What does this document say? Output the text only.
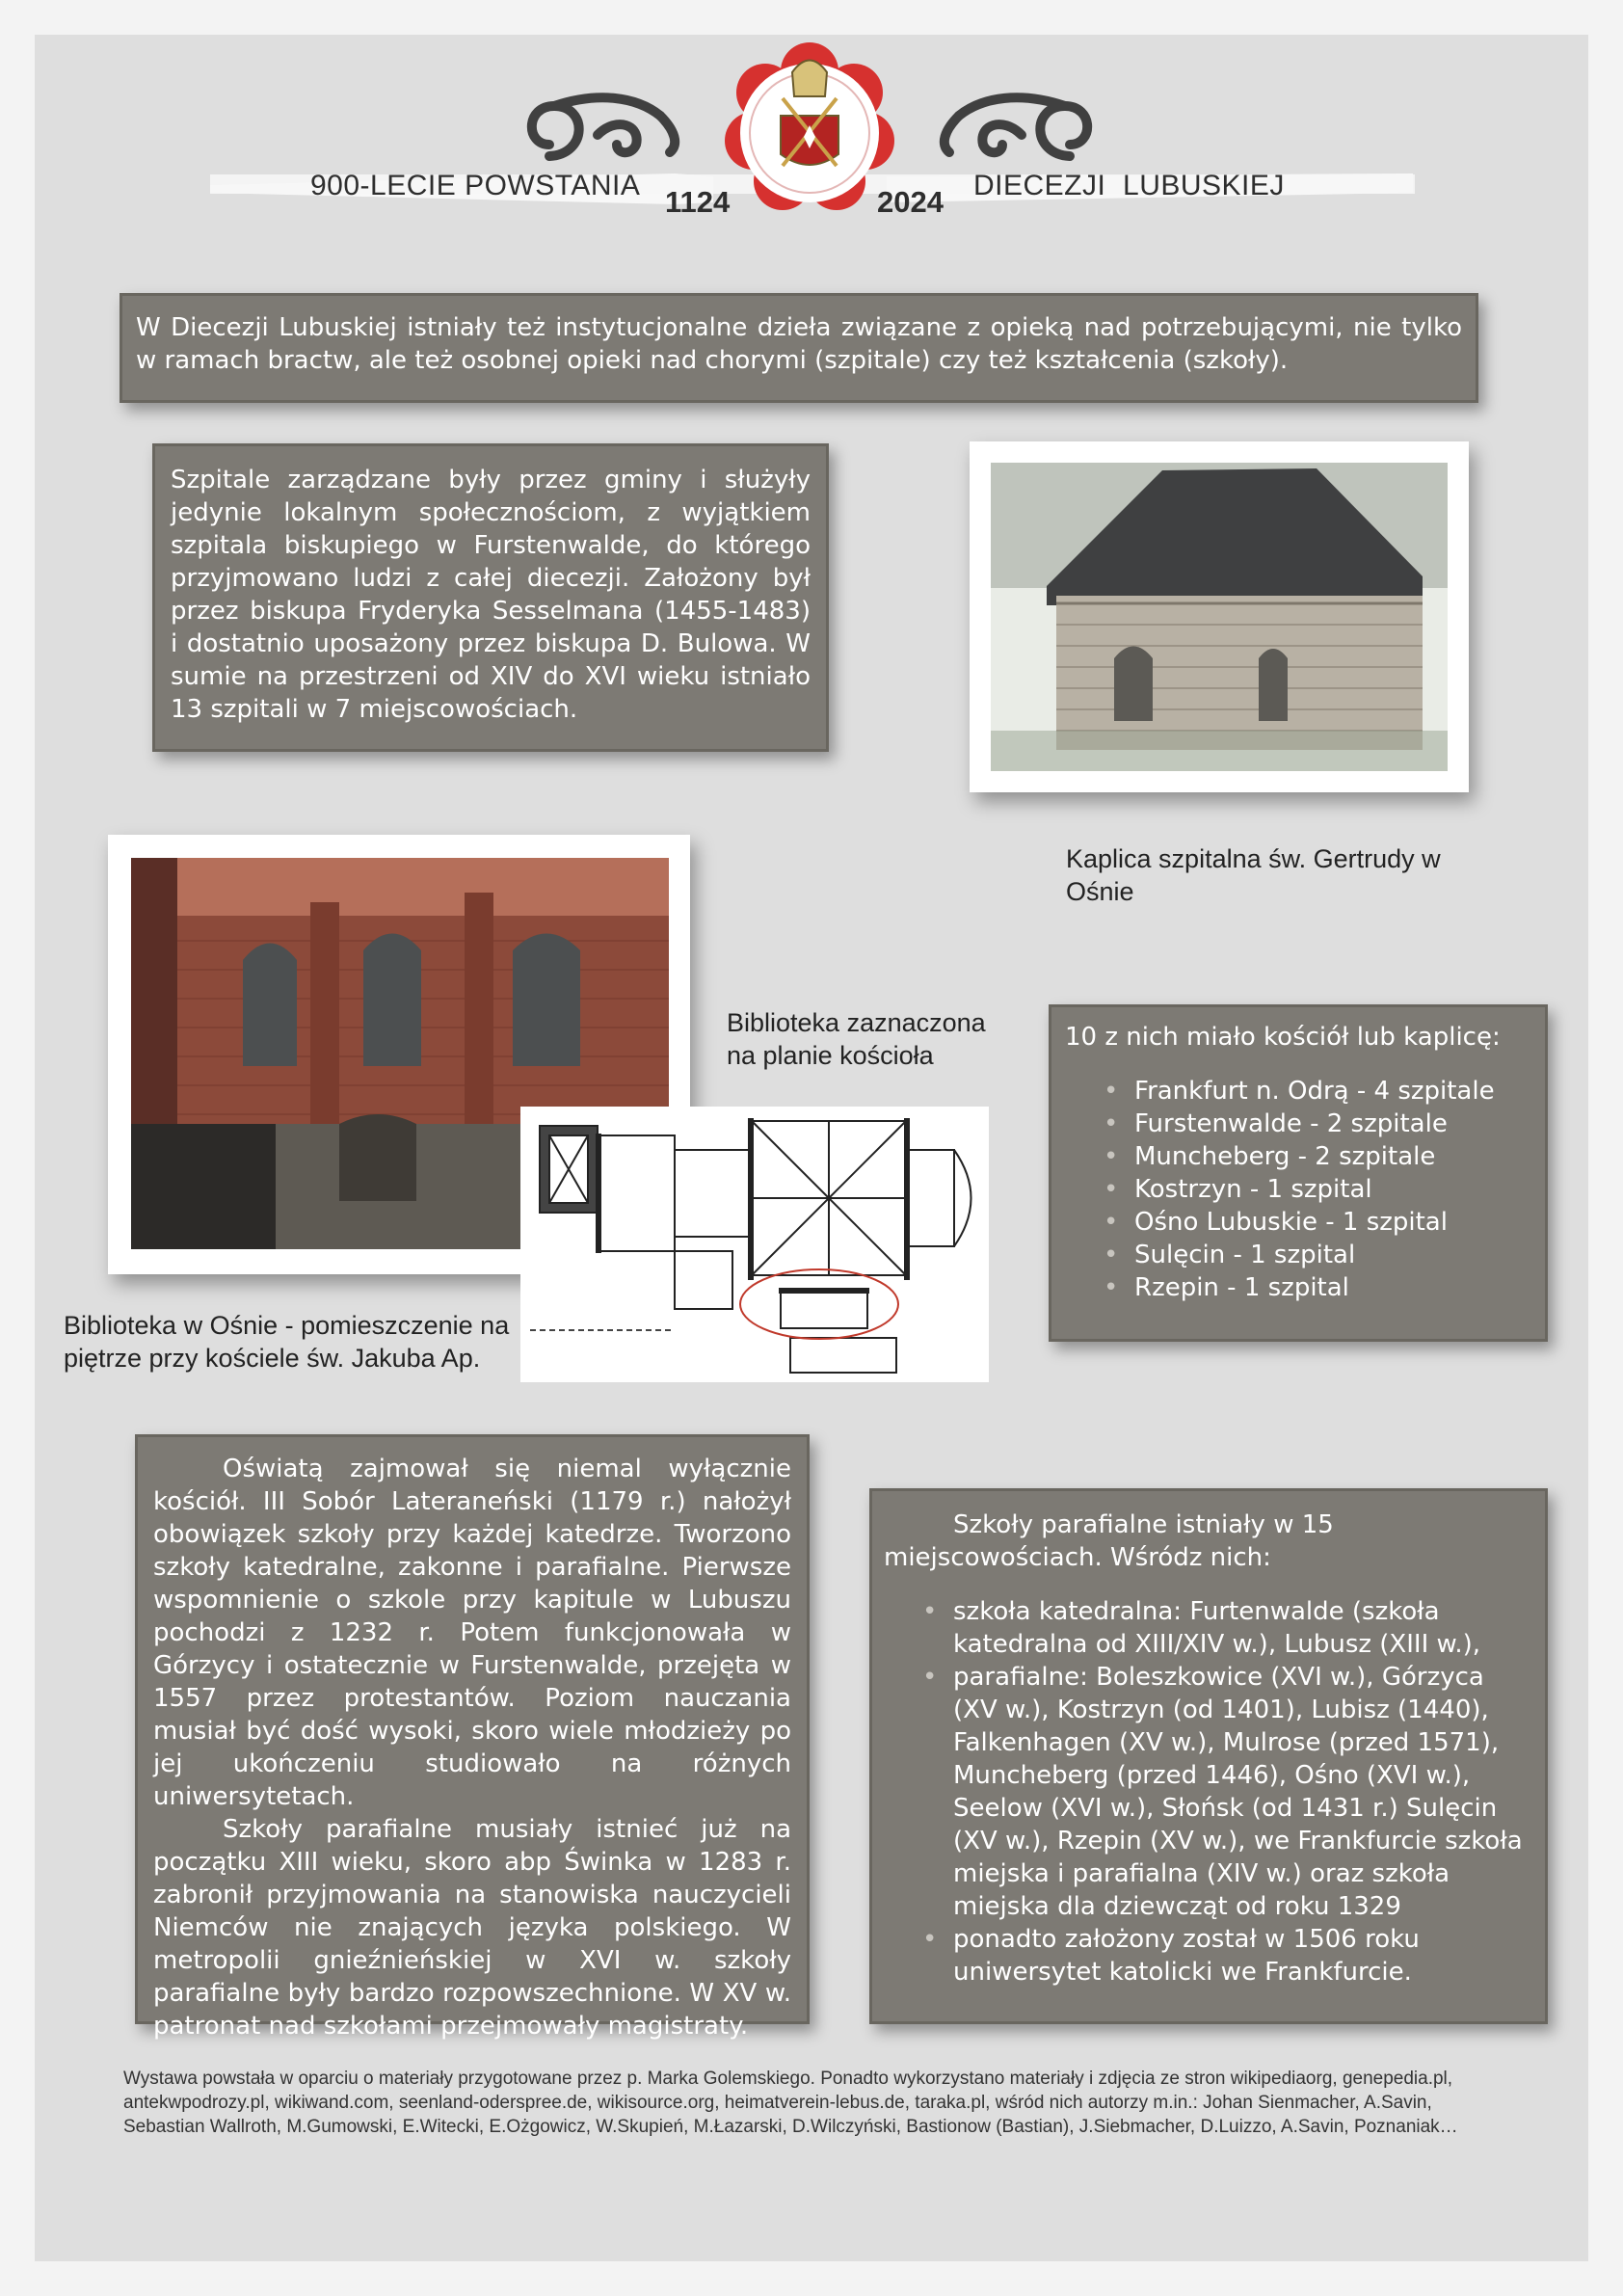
900-LECIE POWSTANIA 1124	2024 DIECEZJI  LUBUSKIEJ

W Diecezji Lubuskiej istniały też instytucjonalne dzieła związane z opieką nad potrzebującymi, nie tylko w ramach bractw, ale też osobnej opieki nad chorymi (szpitale) czy też kształcenia (szkoły).

Szpitale zarządzane były przez gminy i służyły jedynie lokalnym społecznościom, z wyjątkiem szpitala biskupiego w Furstenwalde, do którego przyjmowano ludzi z całej diecezji. Założony był przez biskupa Fryderyka Sesselmana (1455-1483) i dostatnio uposażony przez biskupa D. Bulowa. W sumie na przestrzeni od XIV do XVI wieku istniało 13 szpitali w 7 miejscowościach.

Kaplica szpitalna św. Gertrudy w Ośnie
Biblioteka w Ośnie - pomieszczenie na piętrze przy kościele św. Jakuba Ap.
Biblioteka zaznaczona na planie kościoła

10 z nich miało kościół lub kaplicę:

• Frankfurt n. Odrą - 4 szpitale
• Furstenwalde - 2 szpitale
• Muncheberg - 2 szpitale
• Kostrzyn - 1 szpital
• Ośno Lubuskie - 1 szpital
• Sulęcin - 1 szpital
• Rzepin - 1 szpital

Oświatą zajmował się niemal wyłącznie kościół. III Sobór Lateraneński (1179 r.) nałożył obowiązek szkoły przy każdej katedrze. Tworzono szkoły katedralne, zakonne i parafialne. Pierwsze wspomnienie o szkole przy kapitule w Lubuszu pochodzi z 1232 r. Potem funkcjonowała w Górzycy i ostatecznie w Furstenwalde, przejęta w 1557 przez protestantów. Poziom nauczania musiał być dość wysoki, skoro wiele młodzieży po jej ukończeniu studiowało na różnych uniwersytetach.

Szkoły parafialne musiały istnieć już na początku XIII wieku, skoro abp Świnka w 1283 r. zabronił przyjmowania na stanowiska nauczycieli Niemców nie znających języka polskiego. W metropolii gnieźnieńskiej w XVI w. szkoły parafialne były bardzo rozpowszechnione. W XV w. patronat nad szkołami przejmowały magistraty.

Szkoły parafialne istniały w 15 miejscowościach. Wśródz nich:

• szkoła katedralna: Furtenwalde (szkoła katedralna od XIII/XIV w.), Lubusz (XIII w.),
• parafialne: Boleszkowice (XVI w.), Górzyca (XV w.), Kostrzyn (od 1401), Lubisz (1440), Falkenhagen (XV w.), Mulrose (przed 1571), Muncheberg (przed 1446), Ośno (XVI w.), Seelow (XVI w.), Słońsk (od 1431 r.) Sulęcin (XV w.), Rzepin (XV w.), we Frankfurcie szkoła miejska i parafialna (XIV w.) oraz szkoła miejska dla dziewcząt od roku 1329
• ponadto założony został w 1506 roku uniwersytet katolicki we Frankfurcie.
Wystawa powstała w oparciu o materiały przygotowane przez p. Marka Golemskiego. Ponadto wykorzystano materiały i zdjęcia ze stron wikipediaorg, genepedia.pl, antekwpodrozy.pl, wikiwand.com, seenland-oderspree.de, wikisource.org, heimatverein-lebus.de, taraka.pl, wśród nich autorzy m.in.: Johan Sienmacher, A.Savin, Sebastian Wallroth, M.Gumowski, E.Witecki, E.Ożgowicz, W.Skupień, M.Łazarski, D.Wilczyński, Bastionow (Bastian), J.Siebmacher, D.Luizzo, A.Savin, Poznaniak…
